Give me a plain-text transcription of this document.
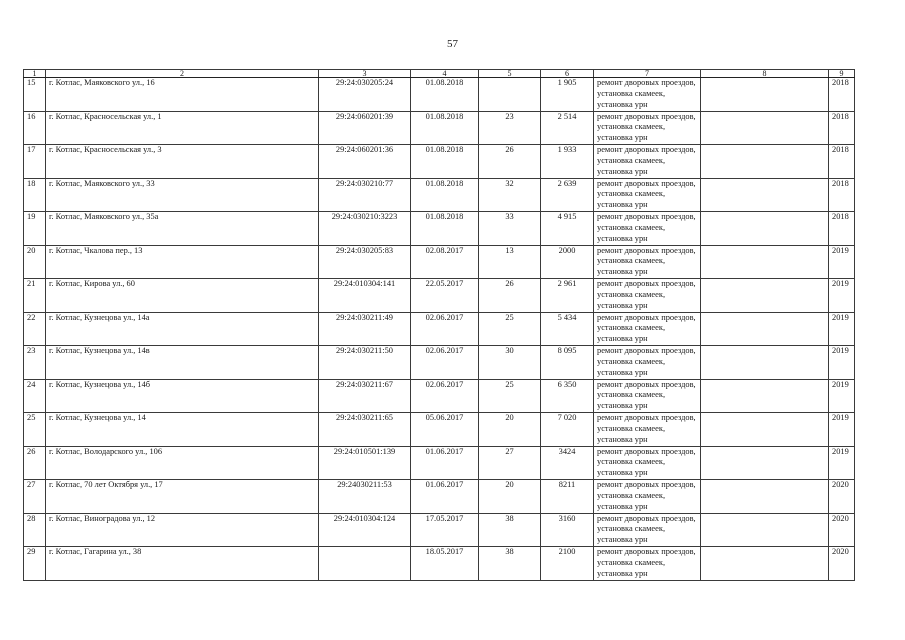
57
1	2	3	4	5	6	7	8	9
15	г. Котлас, Маяковского ул., 16	29:24:030205:24	01.08.2018		1 905	ремонт дворовых проездов, установка скамеек, установка урн		2018
16	г. Котлас, Красносельская ул., 1	29:24:060201:39	01.08.2018	23	2 514	ремонт дворовых проездов, установка скамеек, установка урн		2018
17	г. Котлас, Красносельская ул., 3	29:24:060201:36	01.08.2018	26	1 933	ремонт дворовых проездов, установка скамеек, установка урн		2018
18	г. Котлас, Маяковского ул., 33	29:24:030210:77	01.08.2018	32	2 639	ремонт дворовых проездов, установка скамеек, установка урн		2018
19	г. Котлас, Маяковского ул., 35а	29:24:030210:3223	01.08.2018	33	4 915	ремонт дворовых проездов, установка скамеек, установка урн		2018
20	г. Котлас, Чкалова пер., 13	29:24:030205:83	02.08.2017	13	2000	ремонт дворовых проездов, установка скамеек, установка урн		2019
21	г. Котлас, Кирова ул., 60	29:24:010304:141	22.05.2017	26	2 961	ремонт дворовых проездов, установка скамеек, установка урн		2019
22	г. Котлас, Кузнецова ул., 14а	29:24:030211:49	02.06.2017	25	5 434	ремонт дворовых проездов, установка скамеек, установка урн		2019
23	г. Котлас, Кузнецова ул., 14в	29:24:030211:50	02.06.2017	30	8 095	ремонт дворовых проездов, установка скамеек, установка урн		2019
24	г. Котлас, Кузнецова ул., 14б	29:24:030211:67	02.06.2017	25	6 350	ремонт дворовых проездов, установка скамеек, установка урн		2019
25	г. Котлас, Кузнецова ул., 14	29:24:030211:65	05.06.2017	20	7 020	ремонт дворовых проездов, установка скамеек, установка урн		2019
26	г. Котлас, Володарского ул., 106	29:24:010501:139	01.06.2017	27	3424	ремонт дворовых проездов, установка скамеек, установка урн		2019
27	г. Котлас, 70 лет Октября ул., 17	29:24030211:53	01.06.2017	20	8211	ремонт дворовых проездов, установка скамеек, установка урн		2020
28	г. Котлас, Виноградова ул., 12	29:24:010304:124	17.05.2017	38	3160	ремонт дворовых проездов, установка скамеек, установка урн		2020
29	г. Котлас, Гагарина ул., 38		18.05.2017	38	2100	ремонт дворовых проездов, установка скамеек, установка урн		2020
